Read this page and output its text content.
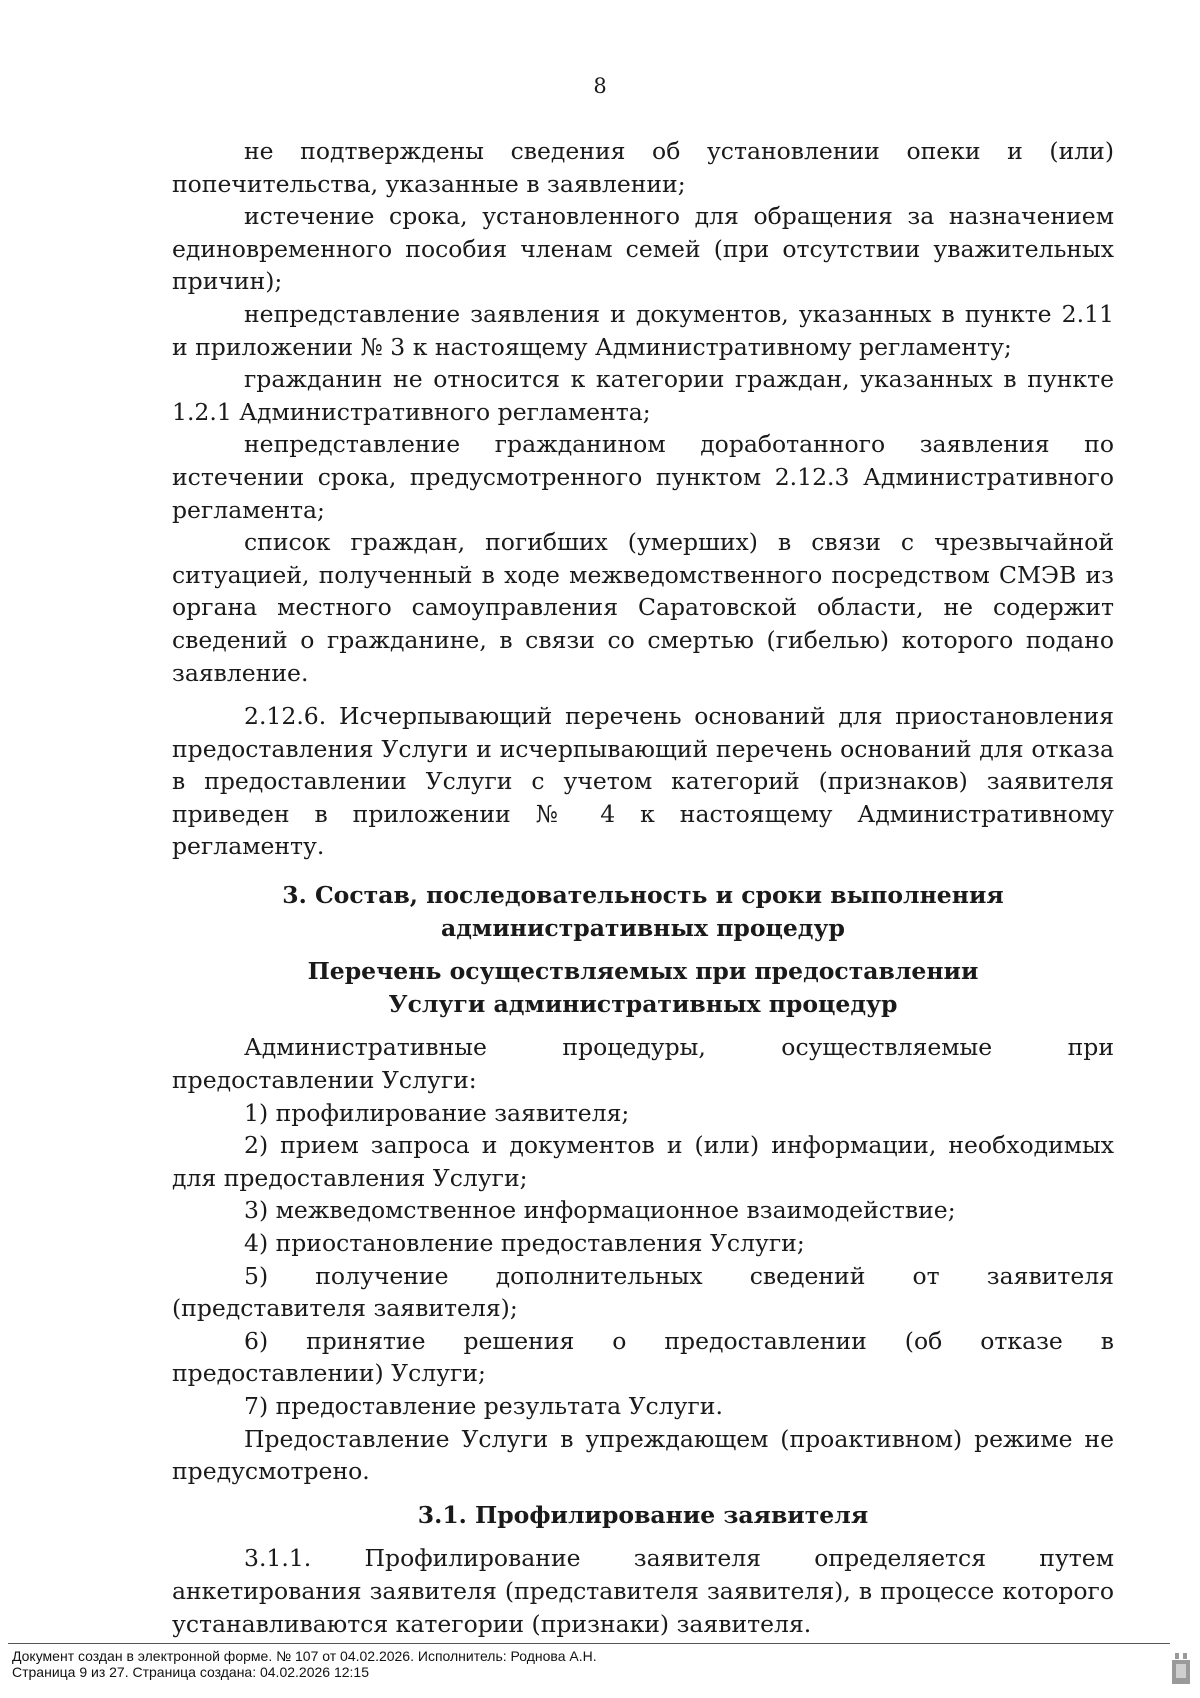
8

не подтверждены сведения об установлении опеки и (или) попечительства, указанные в заявлении;

истечение срока, установленного для обращения за назначением единовременного пособия членам семей (при отсутствии уважительных причин);

непредставление заявления и документов, указанных в пункте 2.11 и приложении № 3 к настоящему Административному регламенту;

гражданин не относится к категории граждан, указанных в пункте 1.2.1 Административного регламента;

непредставление гражданином доработанного заявления по истечении срока, предусмотренного пунктом 2.12.3 Административного регламента;

список граждан, погибших (умерших) в связи с чрезвычайной ситуацией, полученный в ходе межведомственного посредством СМЭВ из органа местного самоуправления Саратовской области, не содержит сведений о гражданине, в связи со смертью (гибелью) которого подано заявление.

2.12.6. Исчерпывающий перечень оснований для приостановления предоставления Услуги и исчерпывающий перечень оснований для отказа в предоставлении Услуги с учетом категорий (признаков) заявителя приведен в приложении № 4 к настоящему Административному регламенту.

3. Состав, последовательность и сроки выполнения административных процедур

Перечень осуществляемых при предоставлении Услуги административных процедур

Административные процедуры, осуществляемые при предоставлении Услуги:

1) профилирование заявителя;

2) прием запроса и документов и (или) информации, необходимых для предоставления Услуги;

3) межведомственное информационное взаимодействие;

4) приостановление предоставления Услуги;

5) получение дополнительных сведений от заявителя (представителя заявителя);

6) принятие решения о предоставлении (об отказе в предоставлении) Услуги;

7) предоставление результата Услуги.

Предоставление Услуги в упреждающем (проактивном) режиме не предусмотрено.

3.1. Профилирование заявителя

3.1.1. Профилирование заявителя определяется путем анкетирования заявителя (представителя заявителя), в процессе которого устанавливаются категории (признаки) заявителя.

Документ создан в электронной форме. № 107 от 04.02.2026. Исполнитель: Роднова А.Н.
Страница 9 из 27. Страница создана: 04.02.2026 12:15
